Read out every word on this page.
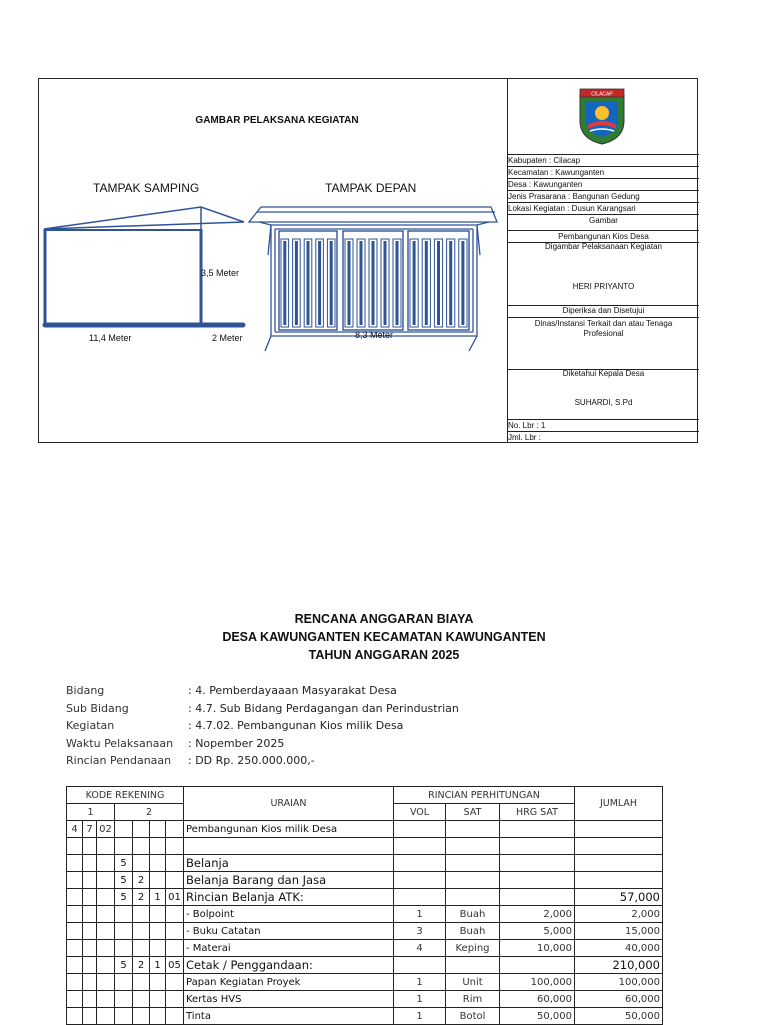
GAMBAR PELAKSANA KEGIATAN
TAMPAK SAMPING	TAMPAK DEPAN
3,5 Meter
11,4 Meter	2 Meter	8,3 Meter
CILACAP
Kabupaten : Cilacap
Kecamatan : Kawunganten
Desa : Kawunganten
Jenis Prasarana : Bangunan Gedung
Lokasi Kegiatan : Dusun Karangsari
Gambar
Pembangunan Kios Desa
Digambar Pelaksanaan Kegiatan
HERI PRIYANTO
Diperiksa dan Disetujui
Dinas/Instansi Terkait dan atau Tenaga Profesional
Diketahui Kepala Desa
SUHARDI, S.Pd
No. Lbr : 1
Jml. Lbr :
RENCANA ANGGARAN BIAYA
DESA KAWUNGANTEN KECAMATAN KAWUNGANTEN
TAHUN ANGGARAN 2025
Bidang	: 4. Pemberdayaaan Masyarakat Desa
Sub Bidang	: 4.7. Sub Bidang Perdagangan dan Perindustrian
Kegiatan	: 4.7.02. Pembangunan Kios milik Desa
Waktu Pelaksanaan	: Nopember 2025
Rincian Pendanaan	: DD Rp. 250.000.000,-
KODE REKENING							URAIAN	RINCIAN PERHITUNGAN			JUMLAH
1			2					VOL	SAT	HRG SAT	
4	7	02					Pembangunan Kios milik Desa				

			5				Belanja				
			5	2			Belanja Barang dan Jasa				
			5	2	1	01	Rincian Belanja ATK:				57,000
							- Bolpoint	1	Buah	2,000	2,000
							- Buku Catatan	3	Buah	5,000	15,000
							- Materai	4	Keping	10,000	40,000
			5	2	1	05	Cetak / Penggandaan:				210,000
							Papan Kegiatan Proyek	1	Unit	100,000	100,000
							Kertas HVS	1	Rim	60,000	60,000
							Tinta	1	Botol	50,000	50,000
